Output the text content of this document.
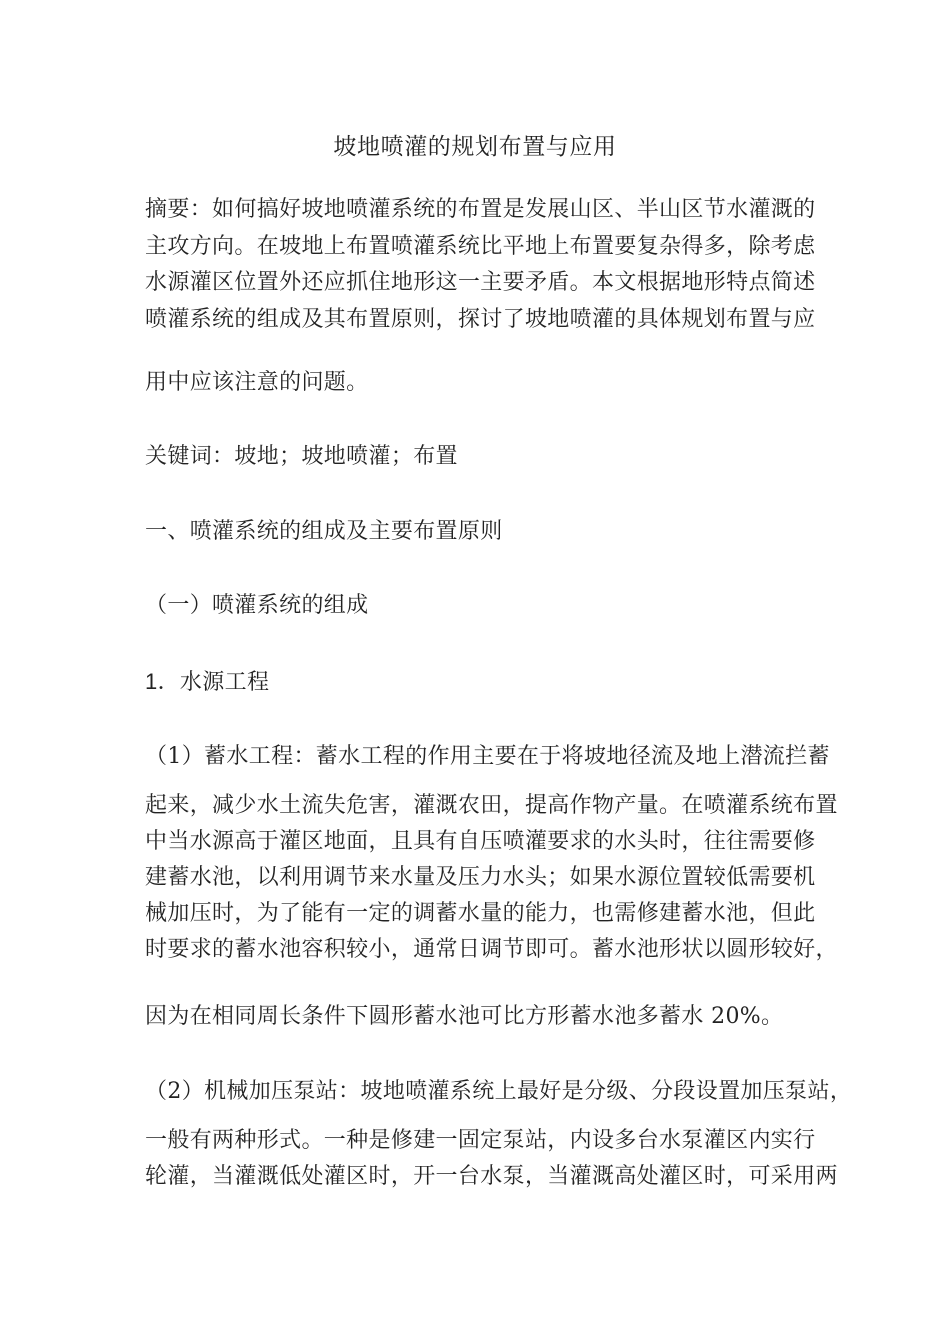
坡地喷灌的规划布置与应用
摘要：如何搞好坡地喷灌系统的布置是发展山区、半山区节水灌溉的
主攻方向。在坡地上布置喷灌系统比平地上布置要复杂得多，除考虑
水源灌区位置外还应抓住地形这一主要矛盾。本文根据地形特点简述
喷灌系统的组成及其布置原则，探讨了坡地喷灌的具体规划布置与应
用中应该注意的问题。
关键词：坡地；坡地喷灌；布置
一、喷灌系统的组成及主要布置原则
（一）喷灌系统的组成
1．水源工程
（1）蓄水工程：蓄水工程的作用主要在于将坡地径流及地上潜流拦蓄
起来，减少水土流失危害，灌溉农田，提高作物产量。在喷灌系统布置
中当水源高于灌区地面，且具有自压喷灌要求的水头时，往往需要修
建蓄水池，以利用调节来水量及压力水头；如果水源位置较低需要机
械加压时，为了能有一定的调蓄水量的能力，也需修建蓄水池，但此
时要求的蓄水池容积较小，通常日调节即可。蓄水池形状以圆形较好，
因为在相同周长条件下圆形蓄水池可比方形蓄水池多蓄水 20%。
（2）机械加压泵站：坡地喷灌系统上最好是分级、分段设置加压泵站，
一般有两种形式。一种是修建一固定泵站，内设多台水泵灌区内实行
轮灌，当灌溉低处灌区时，开一台水泵，当灌溉高处灌区时，可采用两
